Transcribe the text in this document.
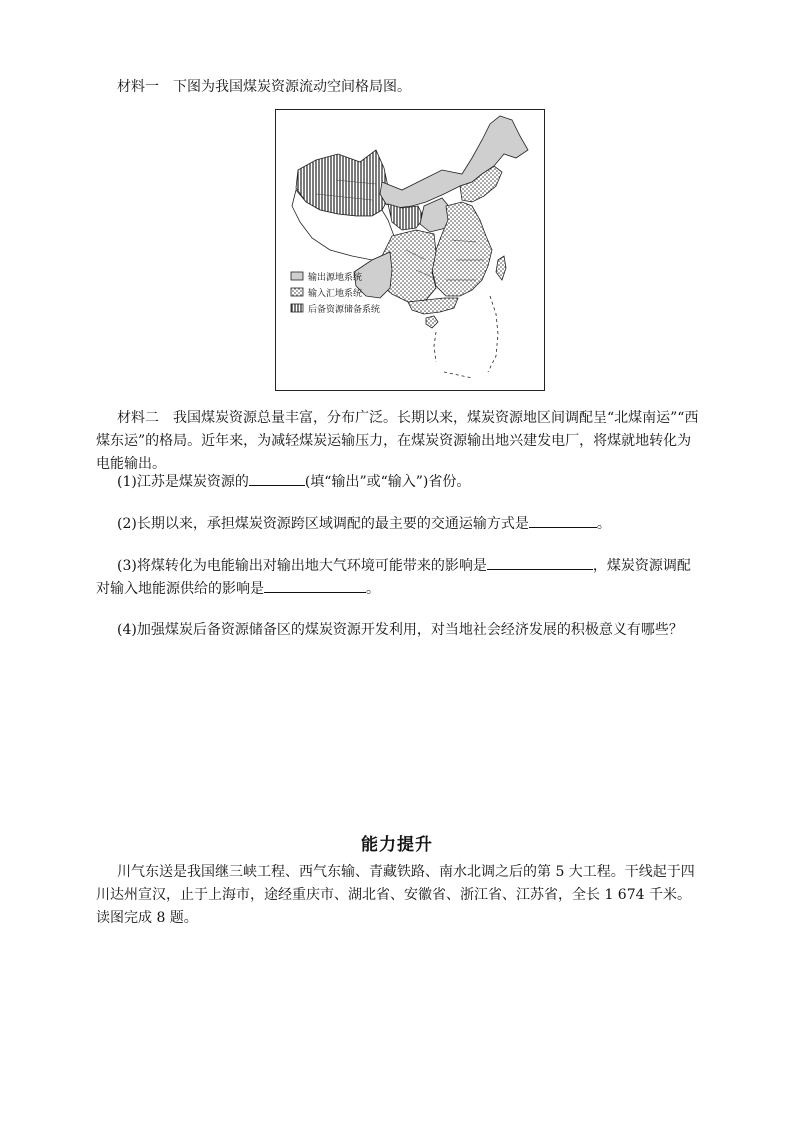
材料一　 下图为我国煤炭资源流动空间格局图。
输出源地系统
输入汇地系统
后备资源储备系统
材料二　 我国煤炭资源总量丰富，分布广泛。长期以来，煤炭资源地区间调配呈“北煤南运”“西煤东运”的格局。近年来，为减轻煤炭运输压力，在煤炭资源输出地兴建发电厂，将煤就地转化为电能输出。
(1)江苏是煤炭资源的	(填“输出”或“输入”)省份。
(2)长期以来，承担煤炭资源跨区域调配的最主要的交通运输方式是	。
(3)将煤转化为电能输出对输出地大气环境可能带来的影响是	，煤炭资源调配对输入地能源供给的影响是	。
(4)加强煤炭后备资源储备区的煤炭资源开发利用，对当地社会经济发展的积极意义有哪些？
能力提升
川气东送是我国继三峡工程、西气东输、青藏铁路、南水北调之后的第 5 大工程。干线起于四川达州宣汉，止于上海市，途经重庆市、湖北省、安徽省、浙江省、江苏省，全长 1 674 千米。读图完成 8 题。
